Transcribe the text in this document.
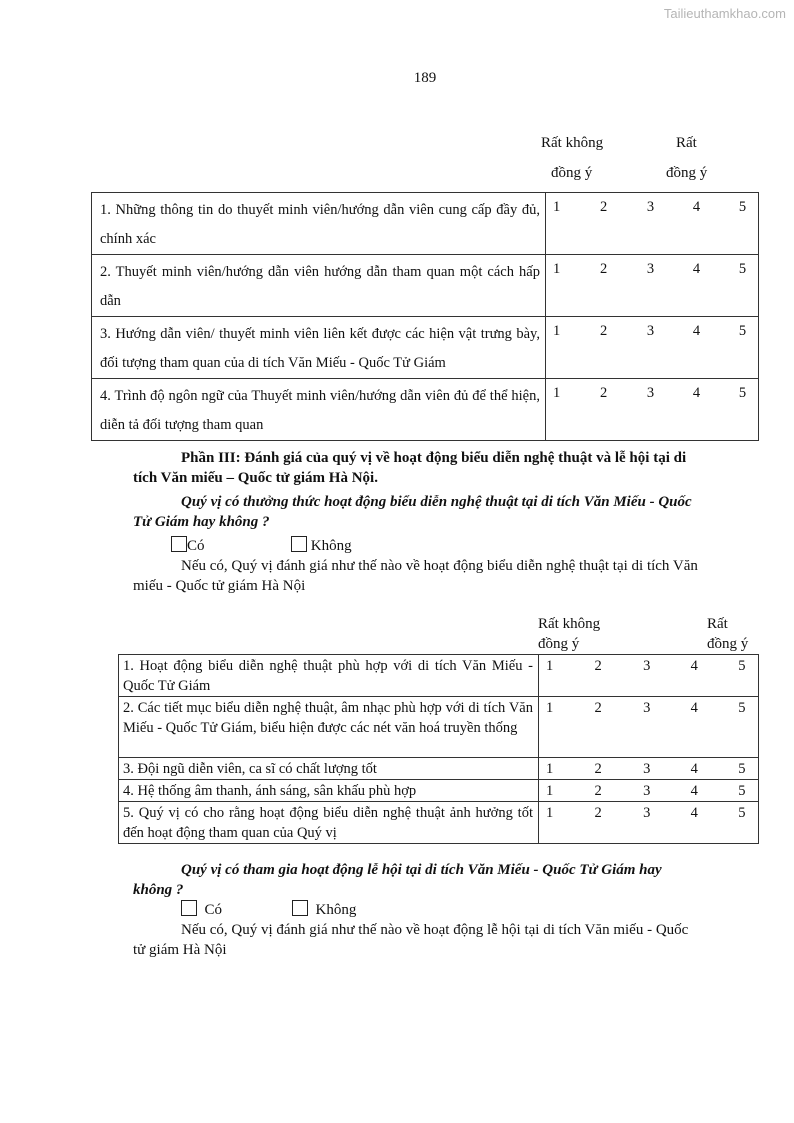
Tailieuthamkhao.com
189
Rất không
đồng ý
Rất
đồng ý
1. Những thông tin do thuyết minh viên/hướng dẫn viên cung cấp đầy đủ, chính xác	1 2 3 4 5

2. Thuyết minh viên/hướng dẫn viên hướng dẫn tham quan một cách hấp dẫn	1 2 3 4 5

3. Hướng dẫn viên/ thuyết minh viên liên kết được các hiện vật trưng bày, đối tượng tham quan của di tích Văn Miếu - Quốc Tử Giám	1 2 3 4 5

4. Trình độ ngôn ngữ của Thuyết minh viên/hướng dẫn viên đủ để thể hiện, diễn tả đối tượng tham quan	1 2 3 4 5
Phần III: Đánh giá của quý vị về hoạt động biểu diễn nghệ thuật và lễ hội tại di
tích Văn miếu – Quốc tử giám Hà Nội.
Quý vị có thưởng thức hoạt động biểu diễn nghệ thuật tại di tích Văn Miếu - Quốc
Tử Giám hay không ?
Có	Không
Nếu có, Quý vị đánh giá như thế nào về hoạt động biểu diễn nghệ thuật tại di tích Văn
miếu - Quốc tử giám Hà Nội
Rất không
đồng ý
Rất
đồng ý
1. Hoạt động biểu diễn nghệ thuật phù hợp với di tích Văn Miếu - Quốc Tử Giám	1 2 3 4 5

2. Các tiết mục biểu diễn nghệ thuật, âm nhạc phù hợp với di tích Văn Miếu - Quốc Tử Giám, biểu hiện được các nét văn hoá truyền thống	1 2 3 4 5

3. Đội ngũ diễn viên, ca sĩ có chất lượng tốt	1 2 3 4 5

4. Hệ thống âm thanh, ánh sáng, sân khấu phù hợp	1 2 3 4 5

5. Quý vị có cho rằng hoạt động biểu diễn nghệ thuật ảnh hưởng tốt đến hoạt động tham quan của Quý vị	1 2 3 4 5
Quý vị có tham gia hoạt động lễ hội tại di tích Văn Miếu - Quốc Tử Giám hay
không ?
Có	Không
Nếu có, Quý vị đánh giá như thế nào về hoạt động lễ hội tại di tích Văn miếu - Quốc
tử giám Hà Nội
